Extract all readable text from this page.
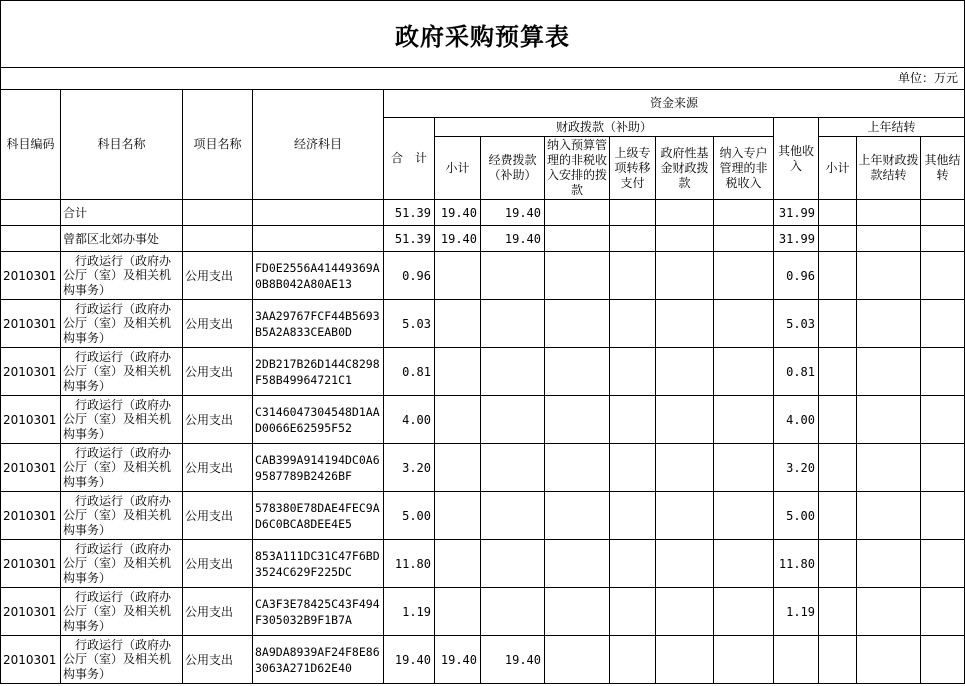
政府采购预算表
单位：万元
科目编码	科目名称	项目名称	经济科目	资金来源										
				合　计	财政拨款（补助）						其他收入	上年结转		
					小计	经费拨款（补助）	纳入预算管理的非税收入安排的拨款	上级专项转移支付	政府性基金财政拨款	纳入专户管理的非税收入		小计	上年财政拨款结转	其他结转
	合计			51.39	19.40	19.40					31.99			
	曾都区北郊办事处			51.39	19.40	19.40					31.99			
2010301	　行政运行（政府办公厅（室）及相关机构事务）	公用支出	FD0E2556A41449369A0B8B042A80AE13	0.96							0.96			
2010301	　行政运行（政府办公厅（室）及相关机构事务）	公用支出	3AA29767FCF44B5693B5A2A833CEAB0D	5.03							5.03			
2010301	　行政运行（政府办公厅（室）及相关机构事务）	公用支出	2DB217B26D144C8298F58B49964721C1	0.81							0.81			
2010301	　行政运行（政府办公厅（室）及相关机构事务）	公用支出	C3146047304548D1AAD0066E62595F52	4.00							4.00			
2010301	　行政运行（政府办公厅（室）及相关机构事务）	公用支出	CAB399A914194DC0A69587789B2426BF	3.20							3.20			
2010301	　行政运行（政府办公厅（室）及相关机构事务）	公用支出	578380E78DAE4FEC9AD6C0BCA8DEE4E5	5.00							5.00			
2010301	　行政运行（政府办公厅（室）及相关机构事务）	公用支出	853A111DC31C47F6BD3524C629F225DC	11.80							11.80			
2010301	　行政运行（政府办公厅（室）及相关机构事务）	公用支出	CA3F3E78425C43F494F305032B9F1B7A	1.19							1.19			
2010301	　行政运行（政府办公厅（室）及相关机构事务）	公用支出	8A9DA8939AF24F8E863063A271D62E40	19.40	19.40	19.40								
